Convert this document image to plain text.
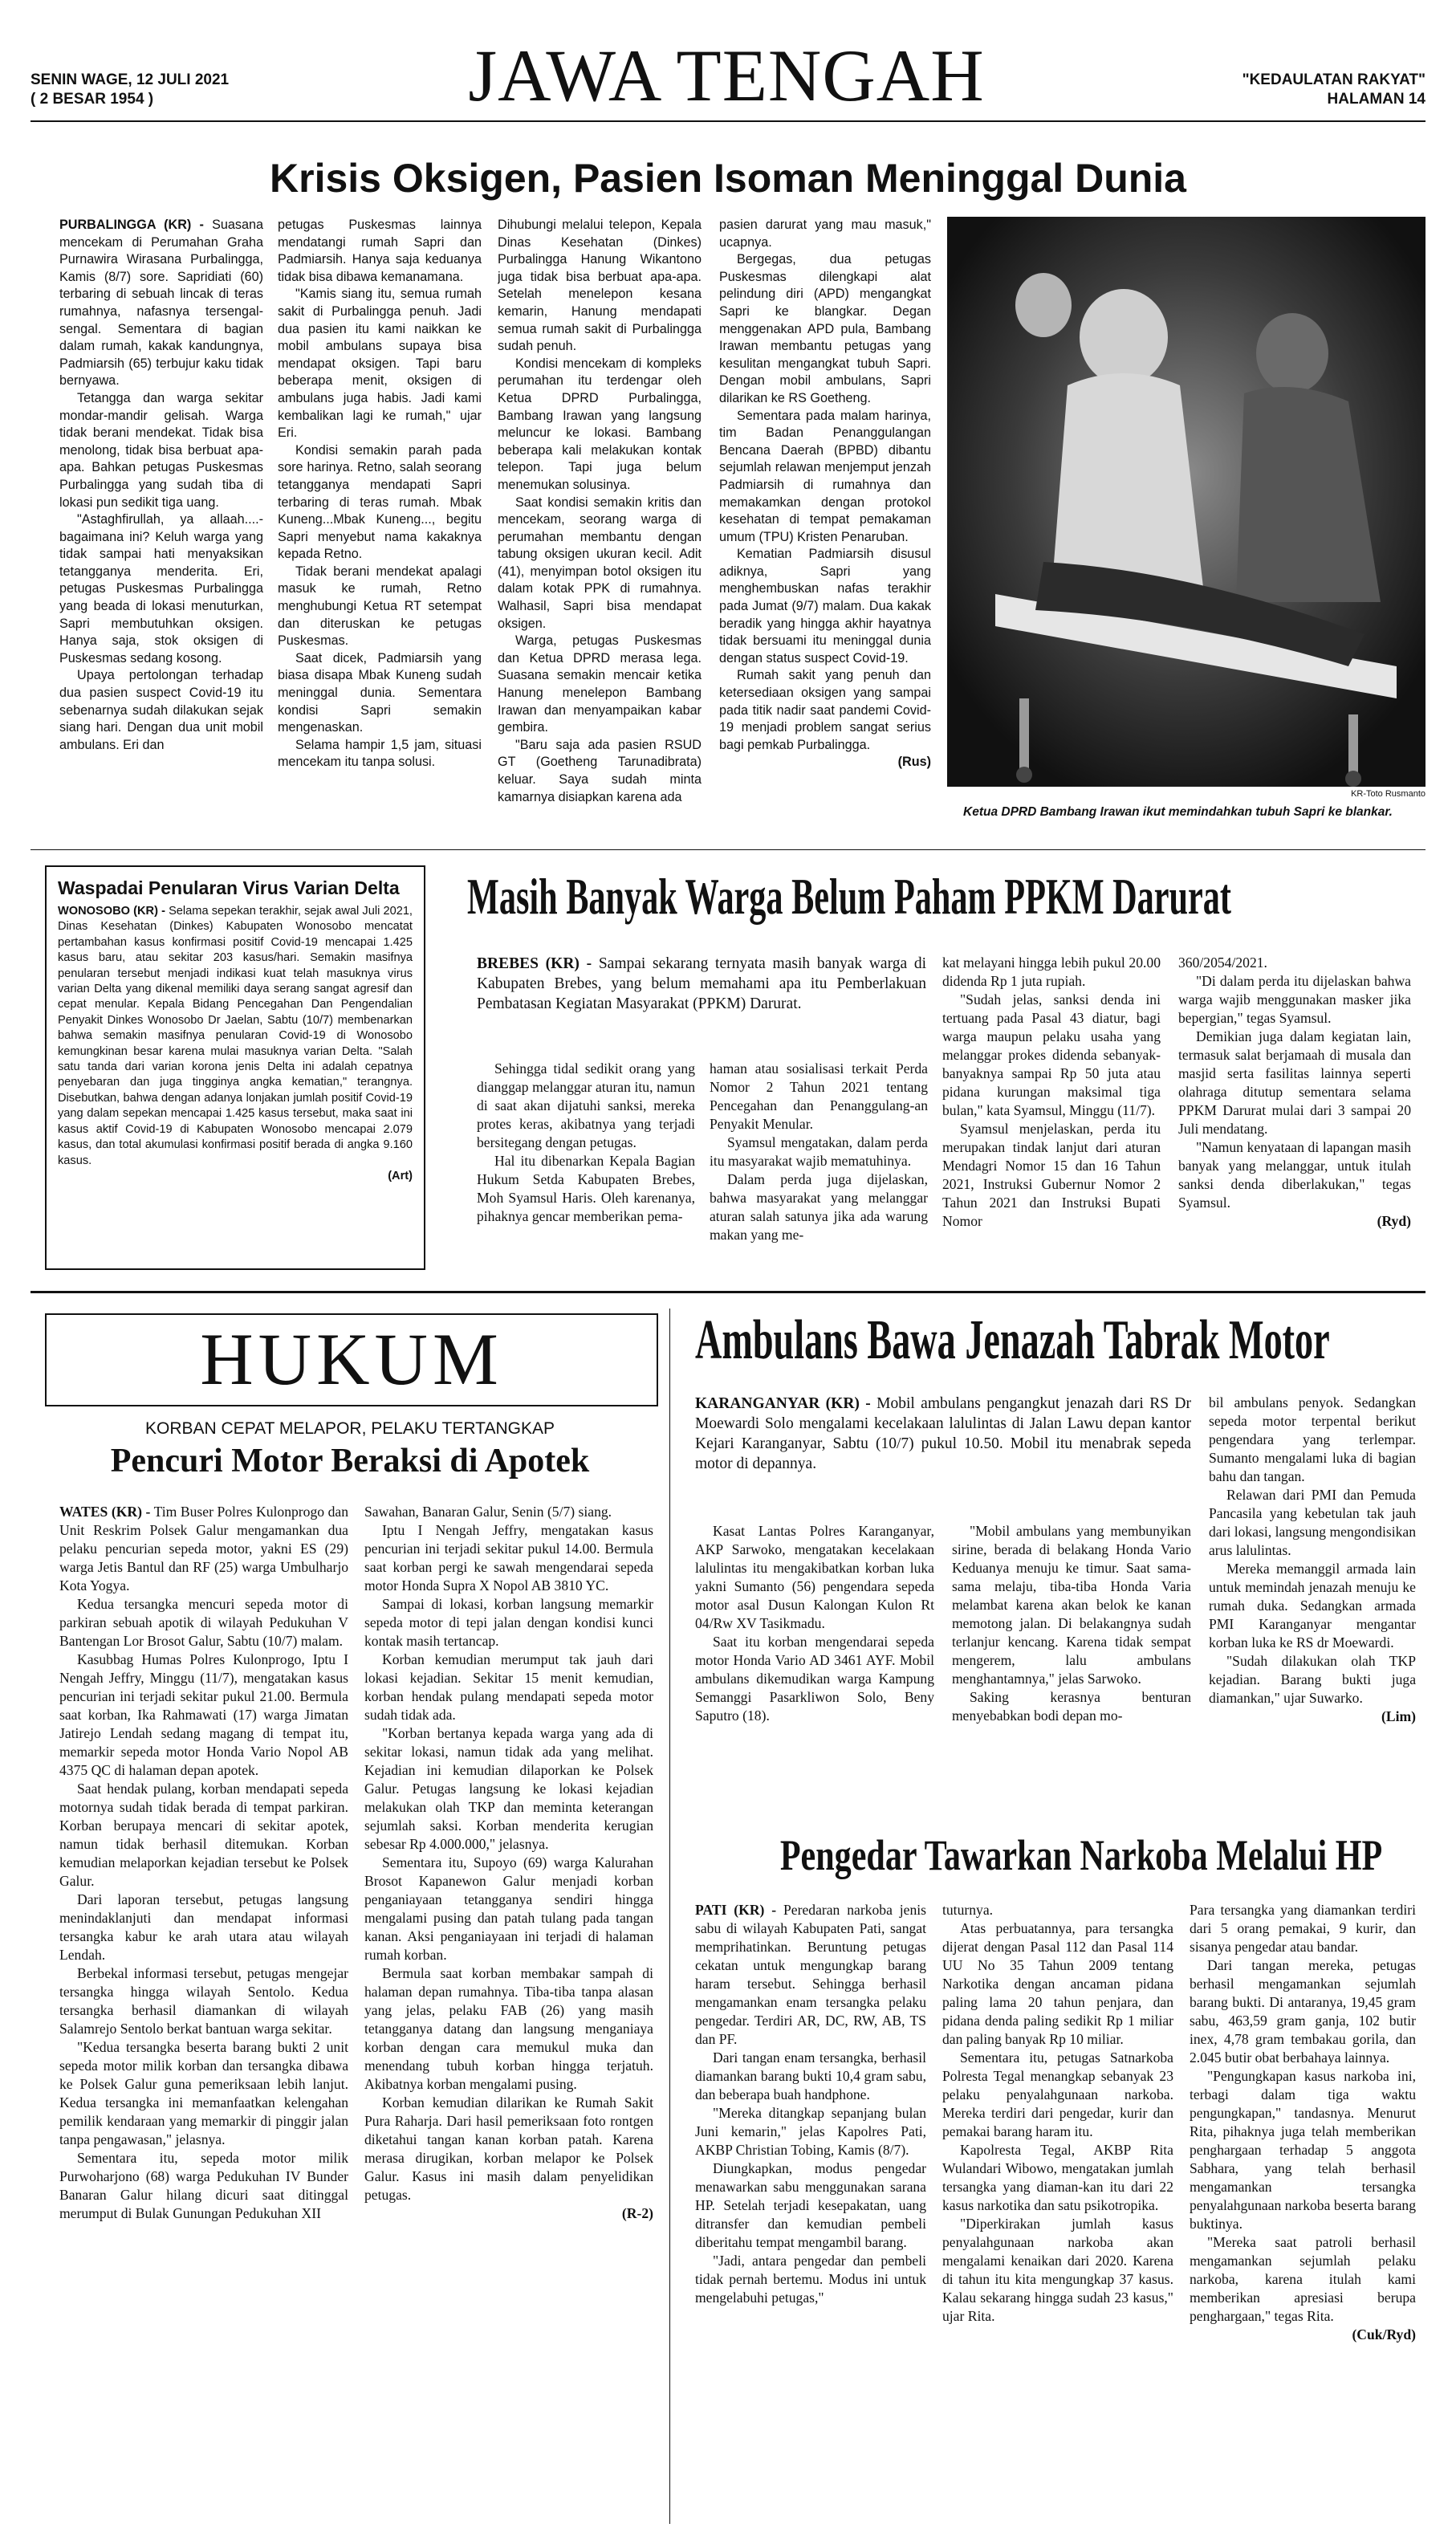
SENIN WAGE, 12 JULI 2021
( 2 BESAR 1954 )	JAWA TENGAH	"KEDAULATAN RAKYAT"
HALAMAN 14
Krisis Oksigen, Pasien Isoman Meninggal Dunia

PURBALINGGA (KR) - Suasana mencekam di Perumahan Graha Purnawira Wirasana Purbalingga, Kamis (8/7) sore. Sapridiati (60) terbaring di sebuah lincak di teras rumahnya, nafasnya tersengal-sengal. Sementara di bagian dalam rumah, kakak kandungnya, Padmiarsih (65) terbujur kaku tidak bernyawa.

Tetangga dan warga sekitar mondar-mandir gelisah. Warga tidak berani mendekat. Tidak bisa menolong, tidak bisa berbuat apa-apa. Bahkan petugas Puskesmas Purbalingga yang sudah tiba di lokasi pun sedikit tiga uang.

"Astaghfirullah, ya allaah....- bagaimana ini? Keluh warga yang tidak sampai hati menyaksikan tetangganya menderita. Eri, petugas Puskesmas Purbalingga yang beada di lokasi menuturkan, Sapri membutuhkan oksigen. Hanya saja, stok oksigen di Puskesmas sedang kosong.

Upaya pertolongan terhadap dua pasien suspect Covid-19 itu sebenarnya sudah dilakukan sejak siang hari. Dengan dua unit mobil ambulans. Eri dan

petugas Puskesmas lainnya mendatangi rumah Sapri dan Padmiarsih. Hanya saja keduanya tidak bisa dibawa kemanamana.

"Kamis siang itu, semua rumah sakit di Purbalingga penuh. Jadi dua pasien itu kami naikkan ke mobil ambulans supaya bisa mendapat oksigen. Tapi baru beberapa menit, oksigen di ambulans juga habis. Jadi kami kembalikan lagi ke rumah," ujar Eri.

Kondisi semakin parah pada sore harinya. Retno, salah seorang tetangganya mendapati Sapri terbaring di teras rumah. Mbak Kuneng...Mbak Kuneng..., begitu Sapri menyebut nama kakaknya kepada Retno.

Tidak berani mendekat apalagi masuk ke rumah, Retno menghubungi Ketua RT setempat dan diteruskan ke petugas Puskesmas.

Saat dicek, Padmiarsih yang biasa disapa Mbak Kuneng sudah meninggal dunia. Sementara kondisi Sapri semakin mengenaskan.

Selama hampir 1,5 jam, situasi mencekam itu tanpa solusi.

Dihubungi melalui telepon, Kepala Dinas Kesehatan (Dinkes) Purbalingga Hanung Wikantono juga tidak bisa berbuat apa-apa. Setelah menelepon kesana kemarin, Hanung mendapati semua rumah sakit di Purbalingga sudah penuh.

Kondisi mencekam di kompleks perumahan itu terdengar oleh Ketua DPRD Purbalingga, Bambang Irawan yang langsung meluncur ke lokasi. Bambang beberapa kali melakukan kontak telepon. Tapi juga belum menemukan solusinya.

Saat kondisi semakin kritis dan mencekam, seorang warga di perumahan membantu dengan tabung oksigen ukuran kecil. Adit (41), menyimpan botol oksigen itu dalam kotak PPK di rumahnya. Walhasil, Sapri bisa mendapat oksigen.

Warga, petugas Puskesmas dan Ketua DPRD merasa lega. Suasana semakin mencair ketika Hanung menelepon Bambang Irawan dan menyampaikan kabar gembira.

"Baru saja ada pasien RSUD GT (Goetheng Tarunadibrata) keluar. Saya sudah minta kamarnya disiapkan karena ada

pasien darurat yang mau masuk," ucapnya.

Bergegas, dua petugas Puskesmas dilengkapi alat pelindung diri (APD) mengangkat Sapri ke blangkar. Degan menggenakan APD pula, Bambang Irawan membantu petugas yang kesulitan mengangkat tubuh Sapri. Dengan mobil ambulans, Sapri dilarikan ke RS Goetheng.

Sementara pada malam harinya, tim Badan Penanggulangan Bencana Daerah (BPBD) dibantu sejumlah relawan menjemput jenzah Padmiarsih di rumahnya dan memakamkan dengan protokol kesehatan di tempat pemakaman umum (TPU) Kristen Penaruban.

Kematian Padmiarsih disusul adiknya, Sapri yang menghembuskan nafas terakhir pada Jumat (9/7) malam. Dua kakak beradik yang hingga akhir hayatnya tidak bersuami itu meninggal dunia dengan status suspect Covid-19.

Rumah sakit yang penuh dan ketersediaan oksigen yang sampai pada titik nadir saat pandemi Covid-19 menjadi problem sangat serius bagi pemkab Purbalingga.

(Rus)
KR-Toto Rusmanto
Ketua DPRD Bambang Irawan ikut memindahkan tubuh Sapri ke blankar.
Waspadai Penularan Virus Varian Delta

WONOSOBO (KR) - Selama sepekan terakhir, sejak awal Juli 2021, Dinas Kesehatan (Dinkes) Kabupaten Wonosobo mencatat pertambahan kasus konfirmasi positif Covid-19 mencapai 1.425 kasus baru, atau sekitar 203 kasus/hari. Semakin masifnya penularan tersebut menjadi indikasi kuat telah masuknya virus varian Delta yang dikenal memiliki daya serang sangat agresif dan cepat menular. Kepala Bidang Pencegahan Dan Pengendalian Penyakit Dinkes Wonosobo Dr Jaelan, Sabtu (10/7) membenarkan bahwa semakin masifnya penularan Covid-19 di Wonosobo kemungkinan besar karena mulai masuknya varian Delta. "Salah satu tanda dari varian korona jenis Delta ini adalah cepatnya penyebaran dan juga tingginya angka kematian," terangnya. Disebutkan, bahwa dengan adanya lonjakan jumlah positif Covid-19 yang dalam sepekan mencapai 1.425 kasus tersebut, maka saat ini kasus aktif Covid-19 di Kabupaten Wonosobo mencapai 2.079 kasus, dan total akumulasi konfirmasi positif berada di angka 9.160 kasus.

(Art)
Masih Banyak Warga Belum Paham PPKM Darurat

BREBES (KR) - Sampai sekarang ternyata masih banyak warga di Kabupaten Brebes, yang belum memahami apa itu Pemberlakuan Pembatasan Kegiatan Masyarakat (PPKM) Darurat.

Sehingga tidal sedikit orang yang dianggap melanggar aturan itu, namun di saat akan dijatuhi sanksi, mereka protes keras, akibatnya yang terjadi bersitegang dengan petugas.

Hal itu dibenarkan Kepala Bagian Hukum Setda Kabupaten Brebes, Moh Syamsul Haris. Oleh karenanya, pihaknya gencar memberikan pema-

haman atau sosialisasi terkait Perda Nomor 2 Tahun 2021 tentang Pencegahan dan Penanggulang-an Penyakit Menular.

Syamsul mengatakan, dalam perda itu masyarakat wajib mematuhinya.

Dalam perda juga dijelaskan, bahwa masyarakat yang melanggar aturan salah satunya jika ada warung makan yang me-

kat melayani hingga lebih pukul 20.00 didenda Rp 1 juta rupiah.

"Sudah jelas, sanksi denda ini tertuang pada Pasal 43 diatur, bagi warga maupun pelaku usaha yang melanggar prokes didenda sebanyak-banyaknya sampai Rp 50 juta atau pidana kurungan maksimal tiga bulan," kata Syamsul, Minggu (11/7).

Syamsul menjelaskan, perda itu merupakan tindak lanjut dari aturan Mendagri Nomor 15 dan 16 Tahun 2021, Instruksi Gubernur Nomor 2 Tahun 2021 dan Instruksi Bupati Nomor

360/2054/2021.

"Di dalam perda itu dijelaskan bahwa warga wajib menggunakan masker jika bepergian," tegas Syamsul.

Demikian juga dalam kegiatan lain, termasuk salat berjamaah di musala dan masjid serta fasilitas lainnya seperti olahraga ditutup sementara selama PPKM Darurat mulai dari 3 sampai 20 Juli mendatang.

"Namun kenyataan di lapangan masih banyak yang melanggar, untuk itulah sanksi denda diberlakukan," tegas Syamsul.

(Ryd)
HUKUM
KORBAN CEPAT MELAPOR, PELAKU TERTANGKAP
Pencuri Motor Beraksi di Apotek

WATES (KR) - Tim Buser Polres Kulonprogo dan Unit Reskrim Polsek Galur mengamankan dua pelaku pencurian sepeda motor, yakni ES (29) warga Jetis Bantul dan RF (25) warga Umbulharjo Kota Yogya.

Kedua tersangka mencuri sepeda motor di parkiran sebuah apotik di wilayah Pedukuhan V Bantengan Lor Brosot Galur, Sabtu (10/7) malam.

Kasubbag Humas Polres Kulonprogo, Iptu I Nengah Jeffry, Minggu (11/7), mengatakan kasus pencurian ini terjadi sekitar pukul 21.00. Bermula saat korban, Ika Rahmawati (17) warga Jimatan Jatirejo Lendah sedang magang di tempat itu, memarkir sepeda motor Honda Vario Nopol AB 4375 QC di halaman depan apotek.

Saat hendak pulang, korban mendapati sepeda motornya sudah tidak berada di tempat parkiran. Korban berupaya mencari di sekitar apotek, namun tidak berhasil ditemukan. Korban kemudian melaporkan kejadian tersebut ke Polsek Galur.

Dari laporan tersebut, petugas langsung menindaklanjuti dan mendapat informasi tersangka kabur ke arah utara atau wilayah Lendah.

Berbekal informasi tersebut, petugas mengejar tersangka hingga wilayah Sentolo. Kedua tersangka berhasil diamankan di wilayah Salamrejo Sentolo berkat bantuan warga sekitar.

"Kedua tersangka beserta barang bukti 2 unit sepeda motor milik korban dan tersangka dibawa ke Polsek Galur guna pemeriksaan lebih lanjut. Kedua tersangka ini memanfaatkan kelengahan pemilik kendaraan yang memarkir di pinggir jalan tanpa pengawasan," jelasnya.

Sementara itu, sepeda motor milik Purwoharjono (68) warga Pedukuhan IV Bunder Banaran Galur hilang dicuri saat ditinggal merumput di Bulak Gunungan Pedukuhan XII

Sawahan, Banaran Galur, Senin (5/7) siang.

Iptu I Nengah Jeffry, mengatakan kasus pencurian ini terjadi sekitar pukul 14.00. Bermula saat korban pergi ke sawah mengendarai sepeda motor Honda Supra X Nopol AB 3810 YC.

Sampai di lokasi, korban langsung memarkir sepeda motor di tepi jalan dengan kondisi kunci kontak masih tertancap.

Korban kemudian merumput tak jauh dari lokasi kejadian. Sekitar 15 menit kemudian, korban hendak pulang mendapati sepeda motor sudah tidak ada.

"Korban bertanya kepada warga yang ada di sekitar lokasi, namun tidak ada yang melihat. Kejadian ini kemudian dilaporkan ke Polsek Galur. Petugas langsung ke lokasi kejadian melakukan olah TKP dan meminta keterangan sejumlah saksi. Korban menderita kerugian sebesar Rp 4.000.000," jelasnya.

Sementara itu, Supoyo (69) warga Kalurahan Brosot Kapanewon Galur menjadi korban penganiayaan tetangganya sendiri hingga mengalami pusing dan patah tulang pada tangan kanan. Aksi penganiayaan ini terjadi di halaman rumah korban.

Bermula saat korban membakar sampah di halaman depan rumahnya. Tiba-tiba tanpa alasan yang jelas, pelaku FAB (26) yang masih tetangganya datang dan langsung menganiaya korban dengan cara memukul muka dan menendang tubuh korban hingga terjatuh. Akibatnya korban mengalami pusing.

Korban kemudian dilarikan ke Rumah Sakit Pura Raharja. Dari hasil pemeriksaan foto rontgen diketahui tangan kanan korban patah. Karena merasa dirugikan, korban melapor ke Polsek Galur. Kasus ini masih dalam penyelidikan petugas.

(R-2)
Ambulans Bawa Jenazah Tabrak Motor

KARANGANYAR (KR) - Mobil ambulans pengangkut jenazah dari RS Dr Moewardi Solo mengalami kecelakaan lalulintas di Jalan Lawu depan kantor Kejari Karanganyar, Sabtu (10/7) pukul 10.50. Mobil itu menabrak sepeda motor di depannya.

Kasat Lantas Polres Karanganyar, AKP Sarwoko, mengatakan kecelakaan lalulintas itu mengakibatkan korban luka yakni Sumanto (56) pengendara sepeda motor asal Dusun Kalongan Kulon Rt 04/Rw XV Tasikmadu.

Saat itu korban mengendarai sepeda motor Honda Vario AD 3461 AYF. Mobil ambulans dikemudikan warga Kampung Semanggi Pasarkliwon Solo, Beny Saputro (18).

"Mobil ambulans yang membunyikan sirine, berada di belakang Honda Vario Keduanya menuju ke timur. Saat sama-sama melaju, tiba-tiba Honda Varia melambat karena akan belok ke kanan memotong jalan. Di belakangnya sudah terlanjur kencang. Karena tidak sempat mengerem, lalu ambulans menghantamnya," jelas Sarwoko.

Saking kerasnya benturan menyebabkan bodi depan mo-

bil ambulans penyok. Sedangkan sepeda motor terpental berikut pengendara yang terlempar. Sumanto mengalami luka di bagian bahu dan tangan.

Relawan dari PMI dan Pemuda Pancasila yang kebetulan tak jauh dari lokasi, langsung mengondisikan arus lalulintas.

Mereka memanggil armada lain untuk memindah jenazah menuju ke rumah duka. Sedangkan armada PMI Karanganyar mengantar korban luka ke RS dr Moewardi.

"Sudah dilakukan olah TKP kejadian. Barang bukti juga diamankan," ujar Suwarko.

(Lim)
Pengedar Tawarkan Narkoba Melalui HP

PATI (KR) - Peredaran narkoba jenis sabu di wilayah Kabupaten Pati, sangat memprihatinkan. Beruntung petugas cekatan untuk mengungkap barang haram tersebut. Sehingga berhasil mengamankan enam tersangka pelaku pengedar. Terdiri AR, DC, RW, AB, TS dan PF.

Dari tangan enam tersangka, berhasil diamankan barang bukti 10,4 gram sabu, dan beberapa buah handphone.

"Mereka ditangkap sepanjang bulan Juni kemarin," jelas Kapolres Pati, AKBP Christian Tobing, Kamis (8/7).

Diungkapkan, modus pengedar menawarkan sabu menggunakan sarana HP. Setelah terjadi kesepakatan, uang ditransfer dan kemudian pembeli diberitahu tempat mengambil barang.

"Jadi, antara pengedar dan pembeli tidak pernah bertemu. Modus ini untuk mengelabuhi petugas,"

tuturnya.

Atas perbuatannya, para tersangka dijerat dengan Pasal 112 dan Pasal 114 UU No 35 Tahun 2009 tentang Narkotika dengan ancaman pidana paling lama 20 tahun penjara, dan pidana denda paling sedikit Rp 1 miliar dan paling banyak Rp 10 miliar.

Sementara itu, petugas Satnarkoba Polresta Tegal menangkap sebanyak 23 pelaku penyalahgunaan narkoba. Mereka terdiri dari pengedar, kurir dan pemakai barang haram itu.

Kapolresta Tegal, AKBP Rita Wulandari Wibowo, mengatakan jumlah tersangka yang diaman-kan itu dari 22 kasus narkotika dan satu psikotropika.

"Diperkirakan jumlah kasus penyalahgunaan narkoba akan mengalami kenaikan dari 2020. Karena di tahun itu kita mengungkap 37 kasus. Kalau sekarang hingga sudah 23 kasus," ujar Rita.

Para tersangka yang diamankan terdiri dari 5 orang pemakai, 9 kurir, dan sisanya pengedar atau bandar.

Dari tangan mereka, petugas berhasil mengamankan sejumlah barang bukti. Di antaranya, 19,45 gram sabu, 463,59 gram ganja, 102 butir inex, 4,78 gram tembakau gorila, dan 2.045 butir obat berbahaya lainnya.

"Pengungkapan kasus narkoba ini, terbagi dalam tiga waktu pengungkapan," tandasnya. Menurut Rita, pihaknya juga telah memberikan penghargaan terhadap 5 anggota Sabhara, yang telah berhasil mengamankan tersangka penyalahgunaan narkoba beserta barang buktinya.

"Mereka saat patroli berhasil mengamankan sejumlah pelaku narkoba, karena itulah kami memberikan apresiasi berupa penghargaan," tegas Rita.

(Cuk/Ryd)
